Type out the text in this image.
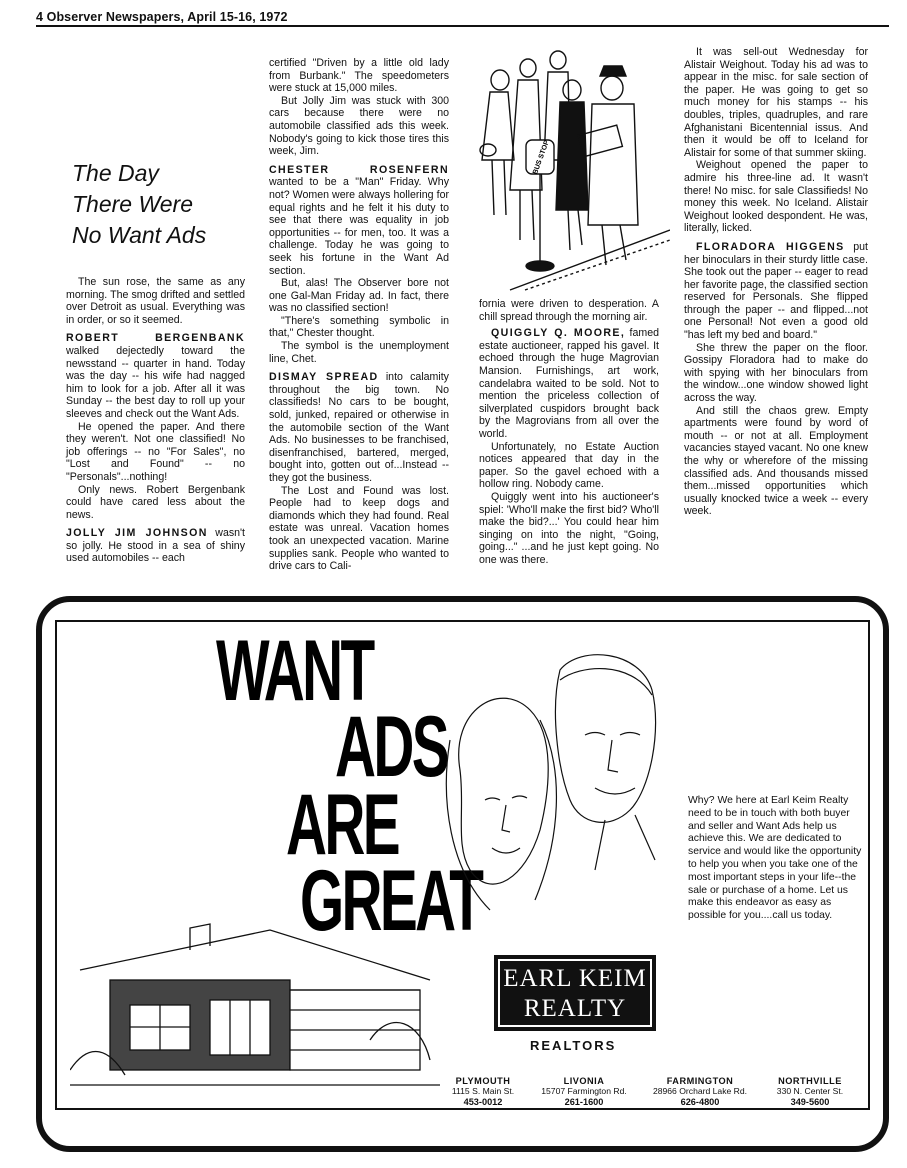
4 Observer Newspapers, April 15-16, 1972
The Day
There Were
No Want Ads

The sun rose, the same as any morning. The smog drifted and settled over Detroit as usual. Everything was in order, or so it seemed.

ROBERT BERGENBANK walked dejectedly toward the newsstand -- quarter in hand. Today was the day -- his wife had nagged him to look for a job. After all it was Sunday -- the best day to roll up your sleeves and check out the Want Ads.

He opened the paper. And there they weren't. Not one classified! No job offerings -- no "For Sales", no "Lost and Found" -- no "Personals"...nothing!

Only news. Robert Bergenbank could have cared less about the news.

JOLLY JIM JOHNSON wasn't so jolly. He stood in a sea of shiny used automobiles -- each

certified "Driven by a little old lady from Burbank." The speedometers were stuck at 15,000 miles.

But Jolly Jim was stuck with 300 cars because there were no automobile classified ads this week. Nobody's going to kick those tires this week, Jim.

CHESTER ROSENFERN wanted to be a "Man" Friday. Why not? Women were always hollering for equal rights and he felt it his duty to see that there was equality in job opportunities -- for men, too. It was a challenge. Today he was going to seek his fortune in the Want Ad section.

But, alas! The Observer bore not one Gal-Man Friday ad. In fact, there was no classified section!

"There's something symbolic in that," Chester thought.

The symbol is the unemployment line, Chet.

DISMAY SPREAD into calamity throughout the big town. No classifieds! No cars to be bought, sold, junked, repaired or otherwise in the automobile section of the Want Ads. No businesses to be franchised, disenfranchised, bartered, merged, bought into, gotten out of...Instead -- they got the business.

The Lost and Found was lost. People had to keep dogs and diamonds which they had found. Real estate was unreal. Vacation homes took an unexpected vacation. Marine supplies sank. People who wanted to drive cars to Cali-

BUS STOP

fornia were driven to desperation. A chill spread through the morning air.

QUIGGLY Q. MOORE, famed estate auctioneer, rapped his gavel. It echoed through the huge Magrovian Mansion. Furnishings, art work, candelabra waited to be sold. Not to mention the priceless collection of silverplated cuspidors brought back by the Magrovians from all over the world.

Unfortunately, no Estate Auction notices appeared that day in the paper. So the gavel echoed with a hollow ring. Nobody came.

Quiggly went into his auctioneer's spiel: 'Who'll make the first bid? Who'll make the bid?...' You could hear him singing on into the night, "Going, going..." ...and he just kept going. No one was there.

It was sell-out Wednesday for Alistair Weighout. Today his ad was to appear in the misc. for sale section of the paper. He was going to get so much money for his stamps -- his doubles, triples, quadruples, and rare Afghanistani Bicentennial issus. And then it would be off to Iceland for Alistair for some of that summer skiing.

Weighout opened the paper to admire his three-line ad. It wasn't there! No misc. for sale Classifieds! No money this week. No Iceland. Alistair Weighout looked despondent. He was, literally, licked.

FLORADORA HIGGENS put her binoculars in their sturdy little case. She took out the paper -- eager to read her favorite page, the classified section reserved for Personals. She flipped through the paper -- and flipped...not one Personal! Not even a good old "has left my bed and board."

She threw the paper on the floor. Gossipy Floradora had to make do with spying with her binoculars from the window...one window showed light across the way.

And still the chaos grew. Empty apartments were found by word of mouth -- or not at all. Employment vacancies stayed vacant. No one knew the why or wherefore of the missing classified ads. And thousands missed them...missed opportunities which usually knocked twice a week -- every week.

WANT
ADS
ARE
GREAT
Why? We here at Earl Keim Realty need to be in touch with both buyer and seller and Want Ads help us achieve this. We are dedicated to service and would like the opportunity to help you when you take one of the most important steps in your life--the sale or purchase of a home. Let us make this endeavor as easy as possible for you....call us today.
EARL KEIM
REALTY
REALTORS
PLYMOUTH
1115 S. Main St.
453-0012
LIVONIA
15707 Farmington Rd.
261-1600
FARMINGTON
28966 Orchard Lake Rd.
626-4800
NORTHVILLE
330 N. Center St.
349-5600
